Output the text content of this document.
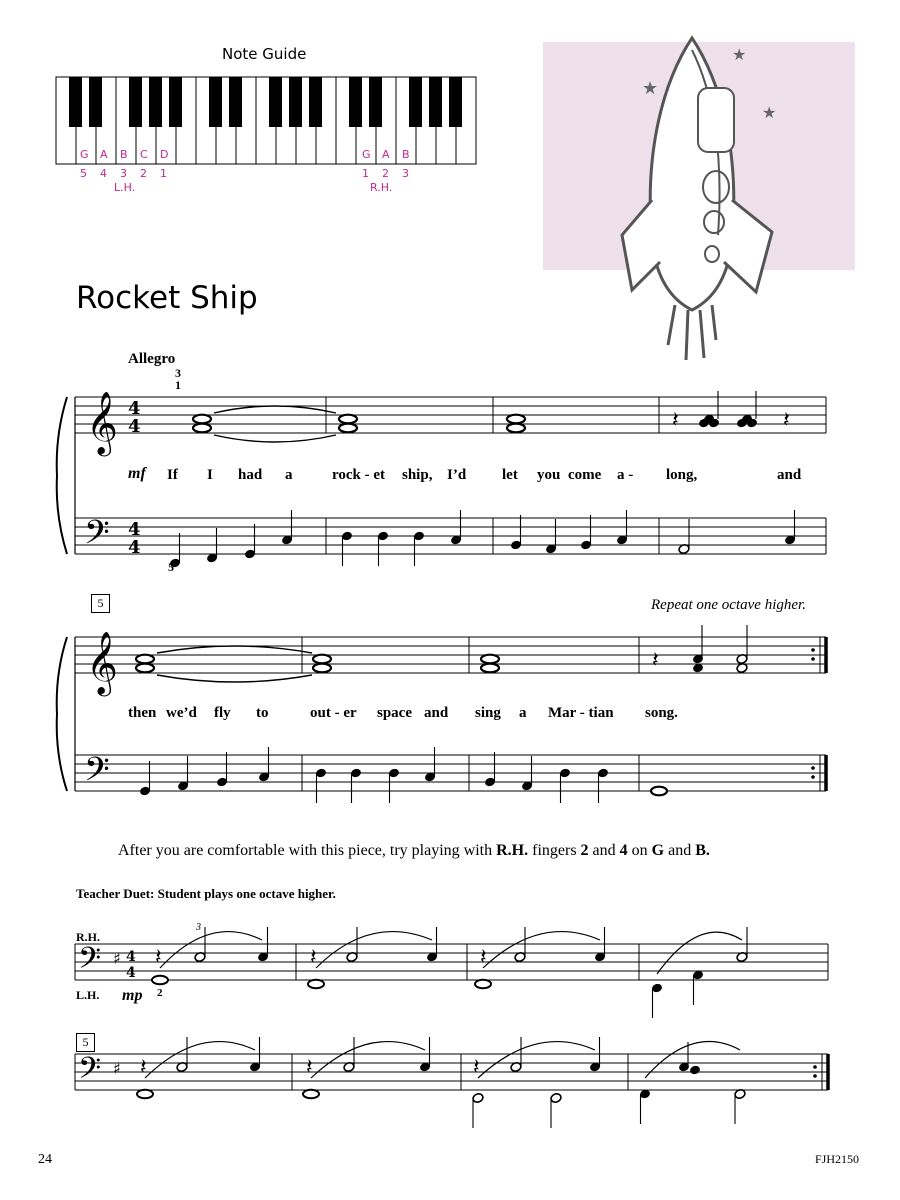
Note Guide
★
★
★
𝄞
𝄢
4
4
4
4
𝄽	𝄽
𝄞
𝄢
𝄽
𝄢 ♯ 4
4
𝄽	𝄽	𝄽
𝄢 ♯ 𝄽	𝄽	𝄽
G A B C D
5 4 3 2 1
L.H.
G A B
1 2 3
R.H.
Rocket Ship
Allegro
3
1
mf
5
If I had a	rock - et ship, I’d let you come a - long,	and
5	Repeat one octave higher.
then we’d fly to	out - er space and sing a Mar - tian song.
After you are comfortable with this piece, try playing with R.H. fingers 2 and 4 on G and B.
Teacher Duet: Student plays one octave higher.
R.H.
L.H. mp
3
2
5
24	FJH2150
